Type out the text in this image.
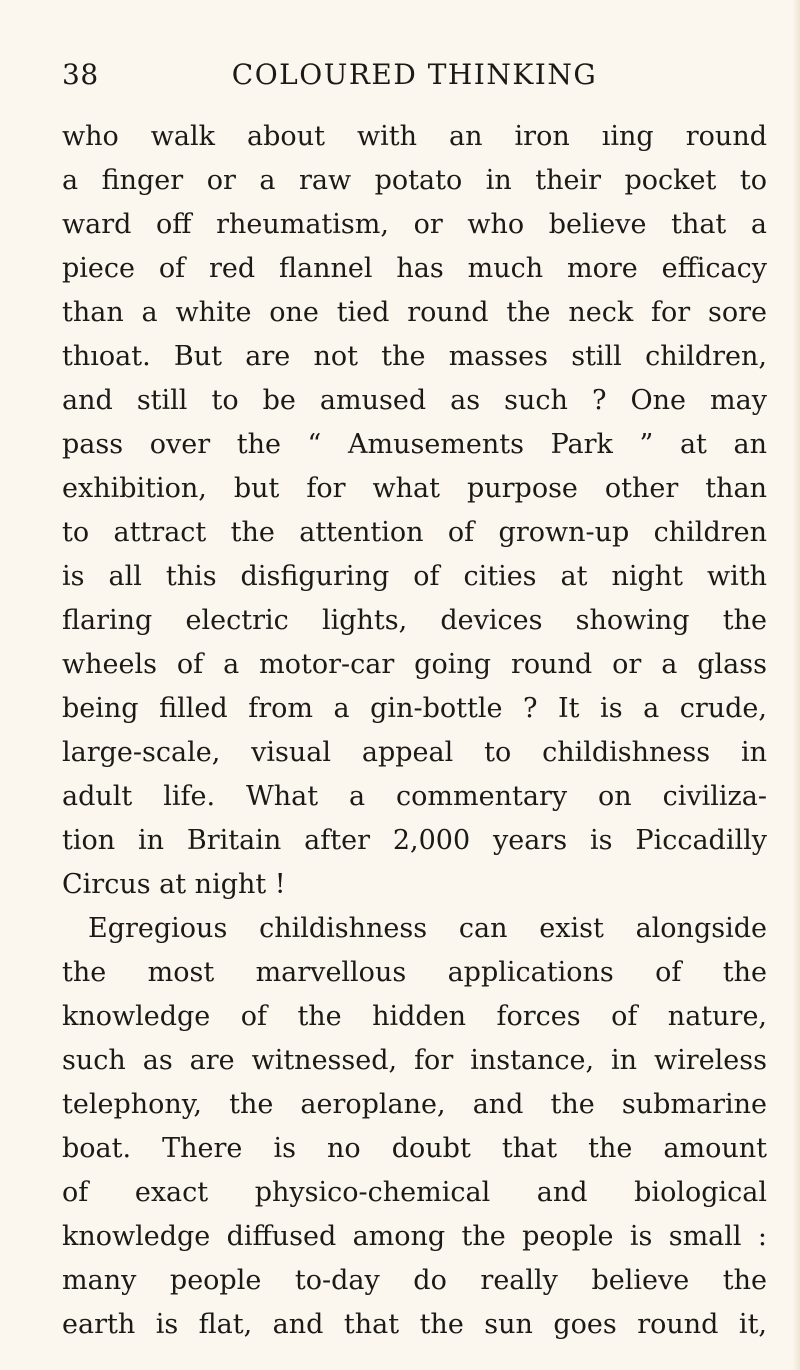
38	COLOURED THINKING
who walk about with an iron ıing round
a finger or a raw potato in their pocket to
ward off rheumatism, or who believe that a
piece of red flannel has much more efficacy
than a white one tied round the neck for sore
thıoat. But are not the masses still children,
and still to be amused as such ? One may
pass over the “ Amusements Park ” at an
exhibition, but for what purpose other than
to attract the attention of grown-up children
is all this disfiguring of cities at night with
flaring electric lights, devices showing the
wheels of a motor-car going round or a glass
being filled from a gin-bottle ? It is a crude,
large-scale, visual appeal to childishness in
adult life. What a commentary on civiliza-
tion in Britain after 2,000 years is Piccadilly
Circus at night !
Egregious childishness can exist alongside
the most marvellous applications of the
knowledge of the hidden forces of nature,
such as are witnessed, for instance, in wireless
telephony, the aeroplane, and the submarine
boat. There is no doubt that the amount
of exact physico-chemical and biological
knowledge diffused among the people is small :
many people to-day do really believe the
earth is flat, and that the sun goes round it,
